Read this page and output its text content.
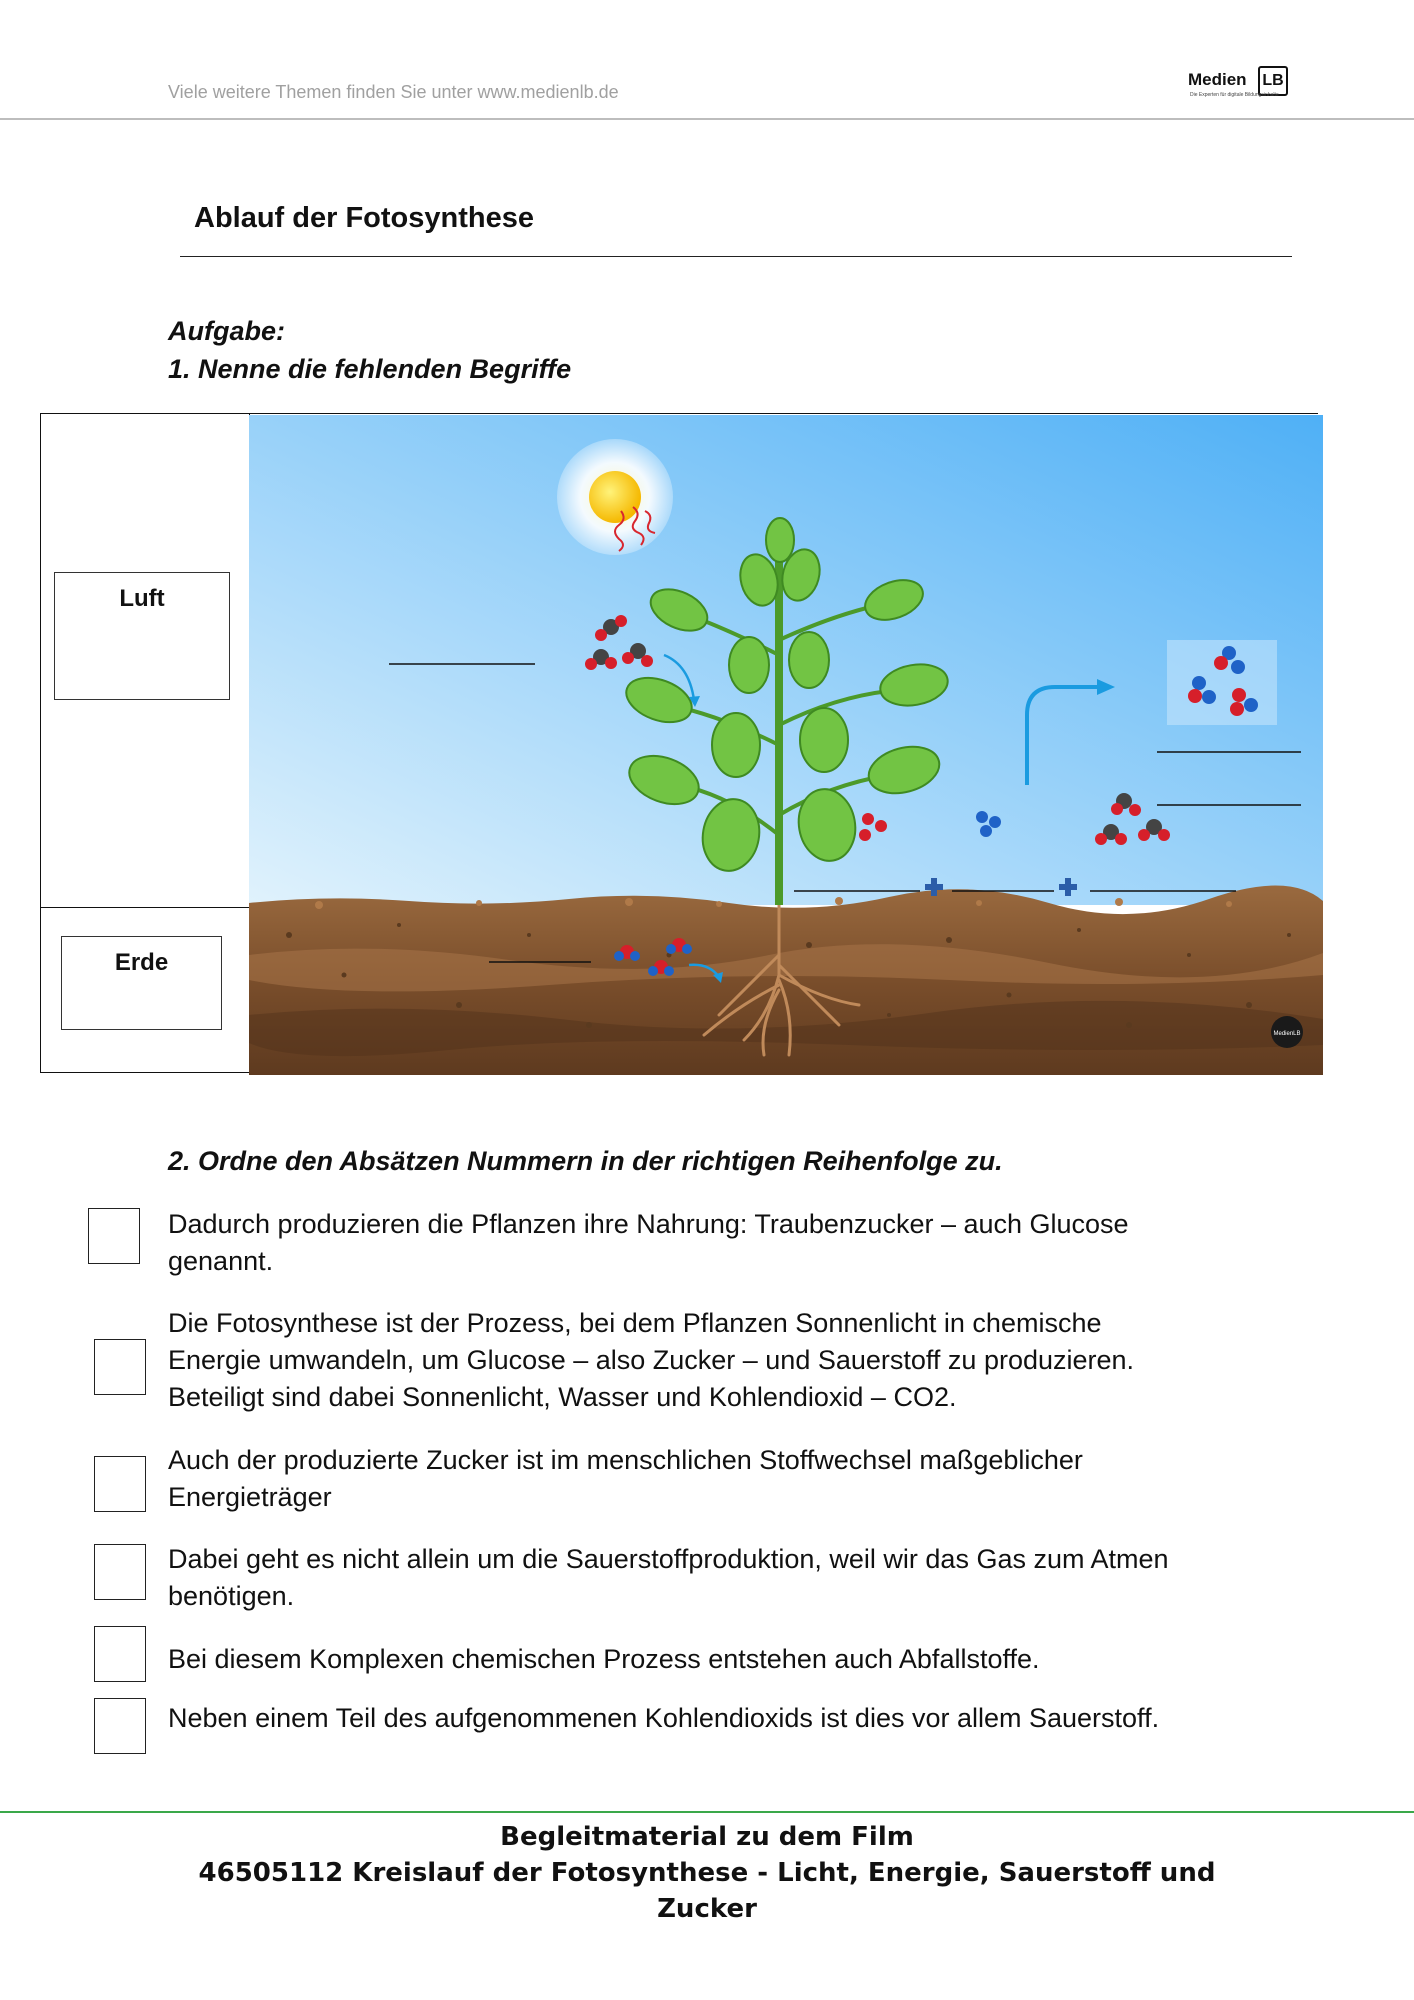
Viele weitere Themen finden Sie unter www.medienlb.de
Medien LB
Die Experten für digitale Bildungsinhalte
Ablauf der Fotosynthese
Aufgabe:
1. Nenne die fehlenden Begriffe
Luft
Erde
MedienLB
2. Ordne den Absätzen Nummern in der richtigen Reihenfolge zu.
Dadurch produzieren die Pflanzen ihre Nahrung: Traubenzucker – auch Glucose
genannt.
Die Fotosynthese ist der Prozess, bei dem Pflanzen Sonnenlicht in chemische
Energie umwandeln, um Glucose – also Zucker – und Sauerstoff zu produzieren.
Beteiligt sind dabei Sonnenlicht, Wasser und Kohlendioxid – CO2.
Auch der produzierte Zucker ist im menschlichen Stoffwechsel maßgeblicher
Energieträger
Dabei geht es nicht allein um die Sauerstoffproduktion, weil wir das Gas zum Atmen
benötigen.
Bei diesem Komplexen chemischen Prozess entstehen auch Abfallstoffe.
Neben einem Teil des aufgenommenen Kohlendioxids ist dies vor allem Sauerstoff.
Begleitmaterial zu dem Film
46505112 Kreislauf der Fotosynthese - Licht, Energie, Sauerstoff und
Zucker
